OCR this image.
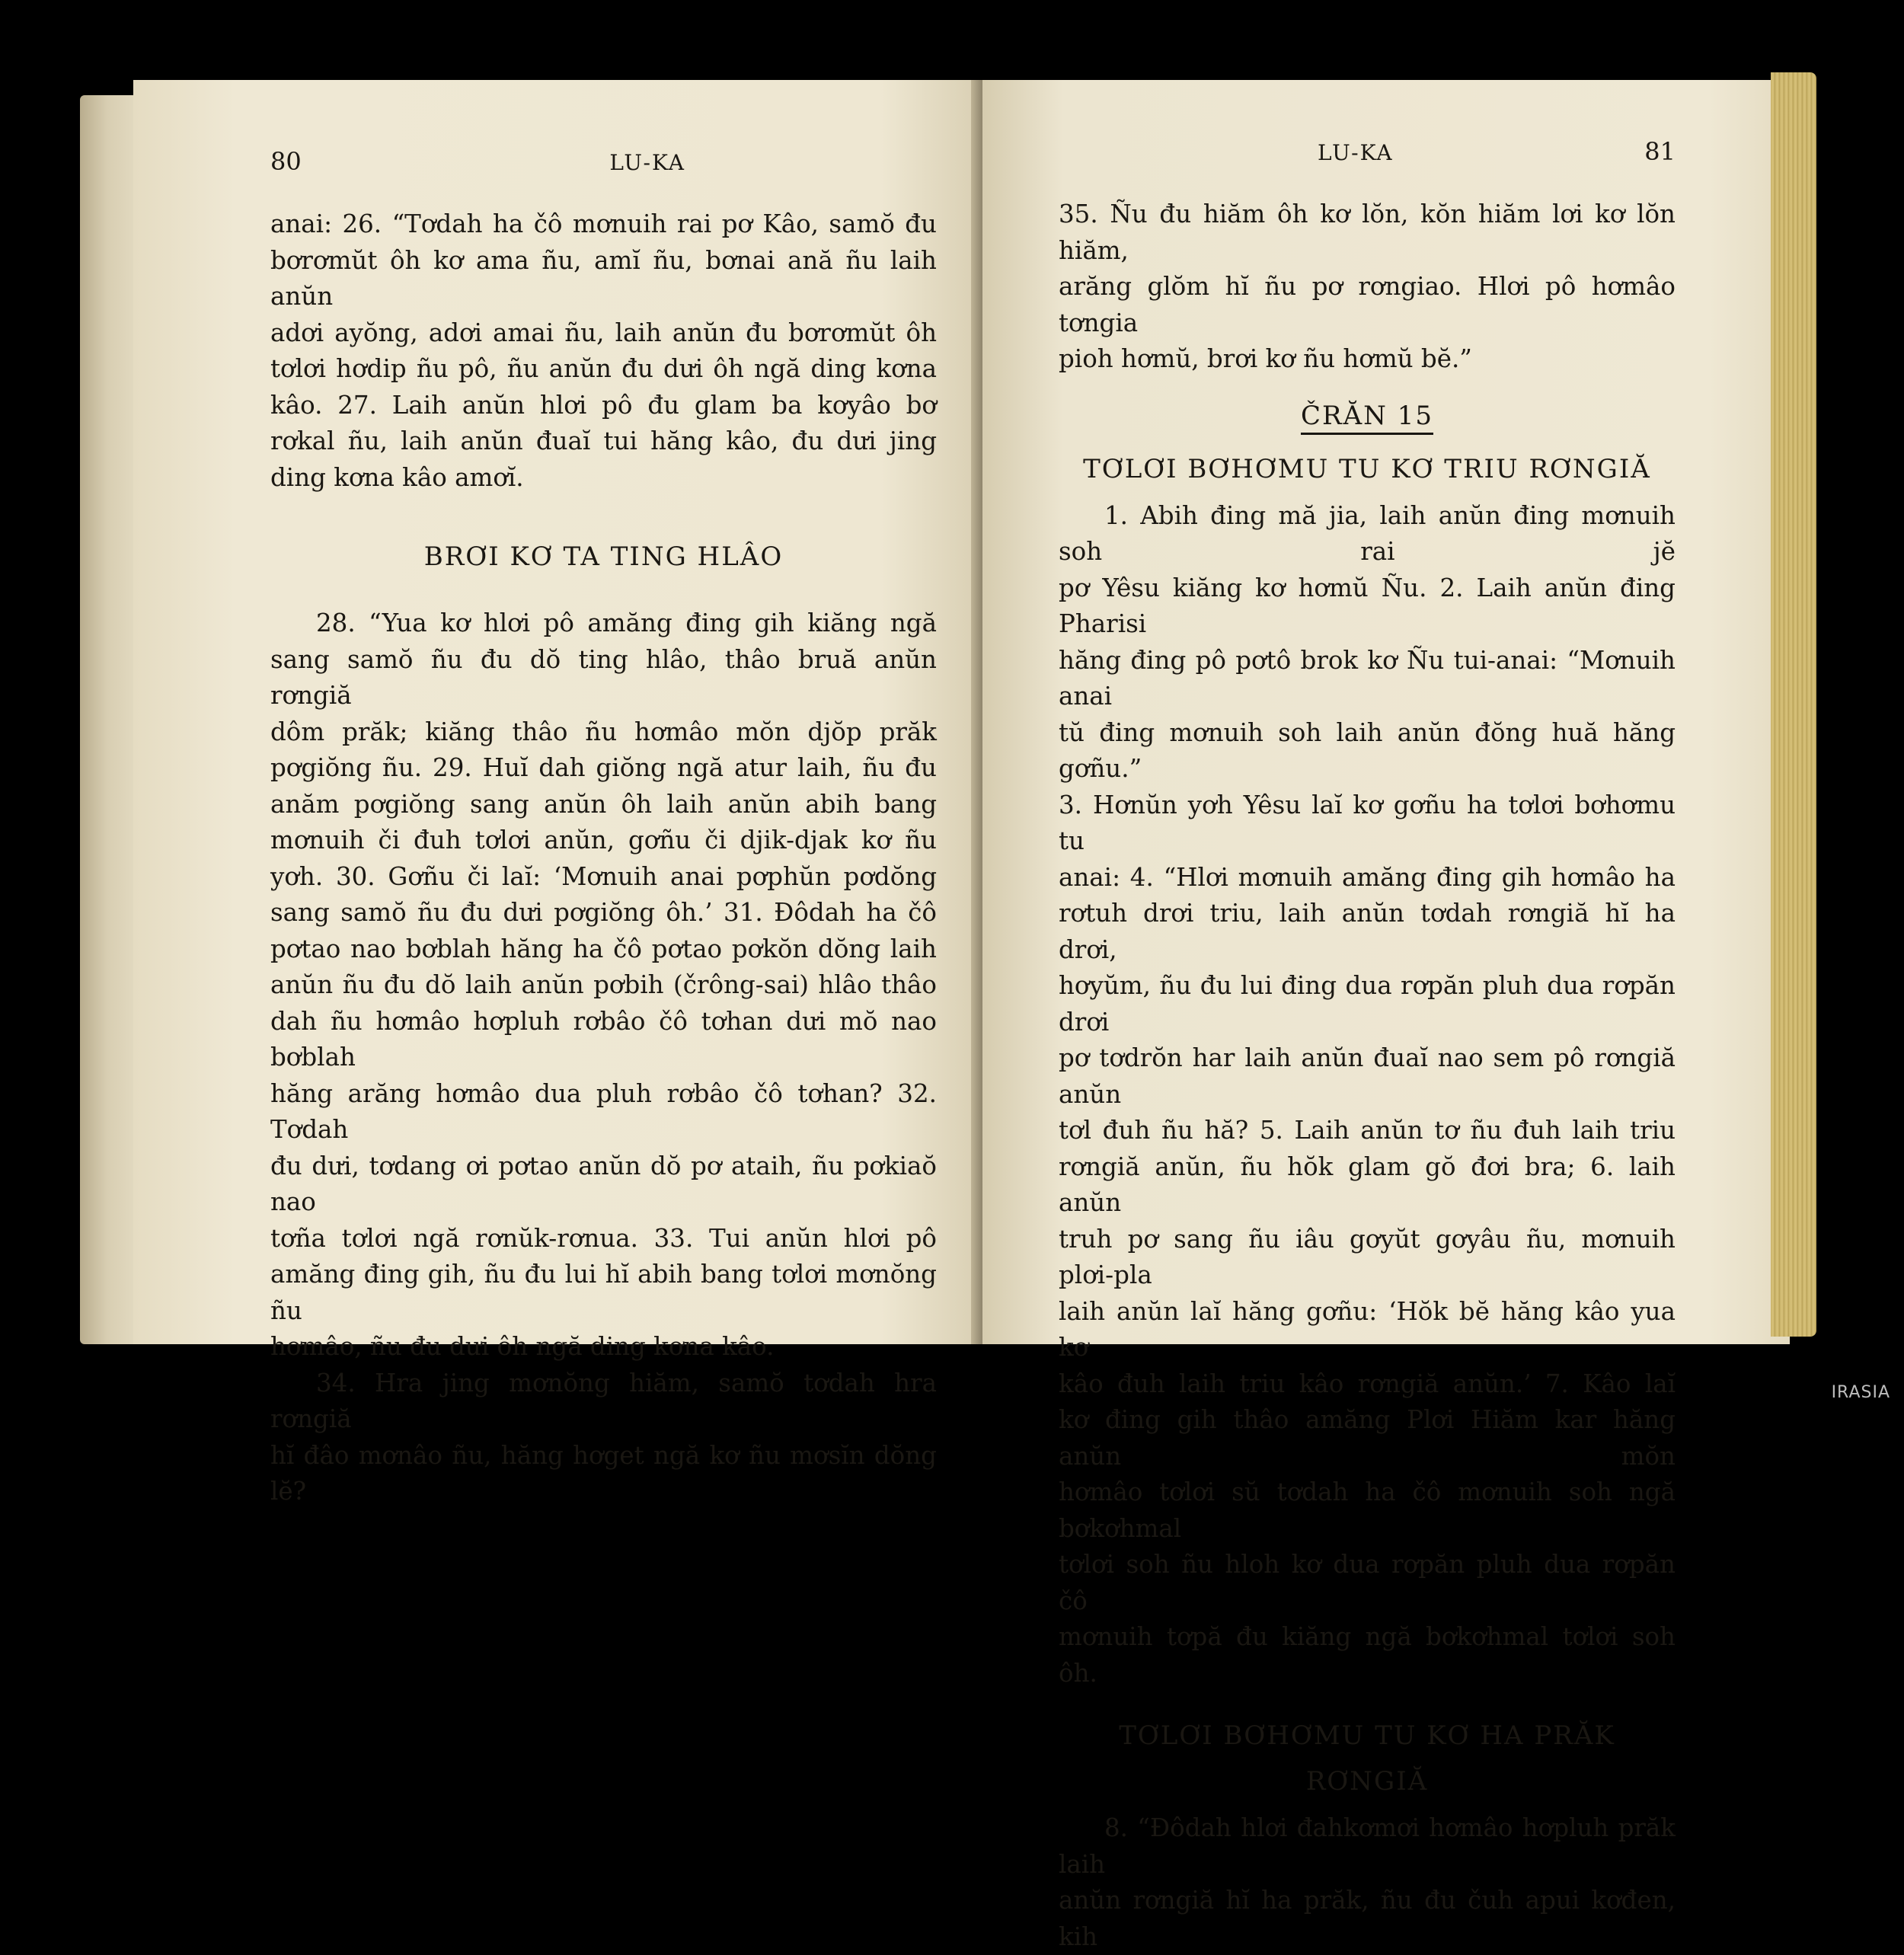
80	LU-KA

anai: 26. “Tơdah ha čô mơnuih rai pơ Kâo, samŏ đu

bơrơmŭt ôh kơ ama ñu, amĭ ñu, bơnai ană ñu laih anŭn

adơi ayŏng, adơi amai ñu, laih anŭn đu bơrơmŭt ôh

tơlơi hơdip ñu pô, ñu anŭn đu dưi ôh ngă ding kơna

kâo. 27. Laih anŭn hlơi pô đu glam ba kơyâo bơ

rơkal ñu, laih anŭn đuaĭ tui hăng kâo, đu dưi jing

ding kơna kâo amơĭ.

BRƠI KƠ TA TING HLÂO

28. “Yua kơ hlơi pô amăng đing gih kiăng ngă

sang samŏ ñu đu dŏ ting hlâo, thâo bruă anŭn rơngiă

dôm prăk; kiăng thâo ñu hơmâo mŏn djŏp prăk

pơgiŏng ñu. 29. Huĭ dah giŏng ngă atur laih, ñu đu

anăm pơgiŏng sang anŭn ôh laih anŭn abih bang

mơnuih či đuh tơlơi anŭn, gơñu či djik-djak kơ ñu

yơh. 30. Gơñu či laĭ: ‘Mơnuih anai pơphŭn pơdŏng

sang samŏ ñu đu dưi pơgiŏng ôh.’ 31. Đôdah ha čô

pơtao nao bơblah hăng ha čô pơtao pơkŏn dŏng laih

anŭn ñu đu dŏ laih anŭn pơbih (črông-sai) hlâo thâo

dah ñu hơmâo hơpluh rơbâo čô tơhan dưi mŏ nao bơblah

hăng arăng hơmâo dua pluh rơbâo čô tơhan? 32. Tơdah

đu dưi, tơdang ơi pơtao anŭn dŏ pơ ataih, ñu pơkiaŏ nao

tơña tơlơi ngă rơnŭk-rơnua. 33. Tui anŭn hlơi pô

amăng đing gih, ñu đu lui hĭ abih bang tơlơi mơnŏng ñu

hơmâo, ñu đu dưi ôh ngă ding kơna kâo.

34. Hra jing mơnŏng hiăm, samŏ tơdah hra rơngiă

hĭ đâo mơnâo ñu, hăng hơget ngă kơ ñu mơsĭn dŏng lĕ?

LU-KA	81

35. Ñu đu hiăm ôh kơ lŏn, kŏn hiăm lơi kơ lŏn hiăm,

arăng glŏm hĭ ñu pơ rơngiao. Hlơi pô hơmâo tơngia

pioh hơmŭ, brơi kơ ñu hơmŭ bĕ.”

ČRĂN 15
TƠLƠI BƠHƠMU TU KƠ TRIU RƠNGIĂ

1. Abih đing mă jia, laih anŭn đing mơnuih soh rai jĕ

pơ Yêsu kiăng kơ hơmŭ Ñu. 2. Laih anŭn đing Pharisi

hăng đing pô pơtô brok kơ Ñu tui-anai: “Mơnuih anai

tŭ đing mơnuih soh laih anŭn đŏng huă hăng gơñu.”

3. Hơnŭn yơh Yêsu laĭ kơ gơñu ha tơlơi bơhơmu tu

anai: 4. “Hlơi mơnuih amăng đing gih hơmâo ha

rơtuh drơi triu, laih anŭn tơdah rơngiă hĭ ha drơi,

hơyŭm, ñu đu lui đing dua rơpăn pluh dua rơpăn drơi

pơ tơdrŏn har laih anŭn đuaĭ nao sem pô rơngiă anŭn

tơl đuh ñu hă? 5. Laih anŭn tơ ñu đuh laih triu

rơngiă anŭn, ñu hŏk glam gŏ đơi bra; 6. laih anŭn

truh pơ sang ñu iâu gơyŭt gơyâu ñu, mơnuih plơi-pla

laih anŭn laĭ hăng gơñu: ‘Hŏk bĕ hăng kâo yua kơ

kâo đuh laih triu kâo rơngiă anŭn.’ 7. Kâo laĭ

kơ đing gih thâo amăng Plơi Hiăm kar hăng anŭn mŏn

hơmâo tơlơi sŭ tơdah ha čô mơnuih soh ngă bơkơhmal

tơlơi soh ñu hloh kơ dua rơpăn pluh dua rơpăn čô

mơnuih tơpă đu kiăng ngă bơkơhmal tơlơi soh ôh.

TƠLƠI BƠHƠMU TU KƠ HA PRĂK RƠNGIĂ

8. “Đôdah hlơi đahkơmơi hơmâo hơpluh prăk laih

anŭn rơngiă hĭ ha prăk, ñu đu čuh apui kơđen, kih

IRASIA
